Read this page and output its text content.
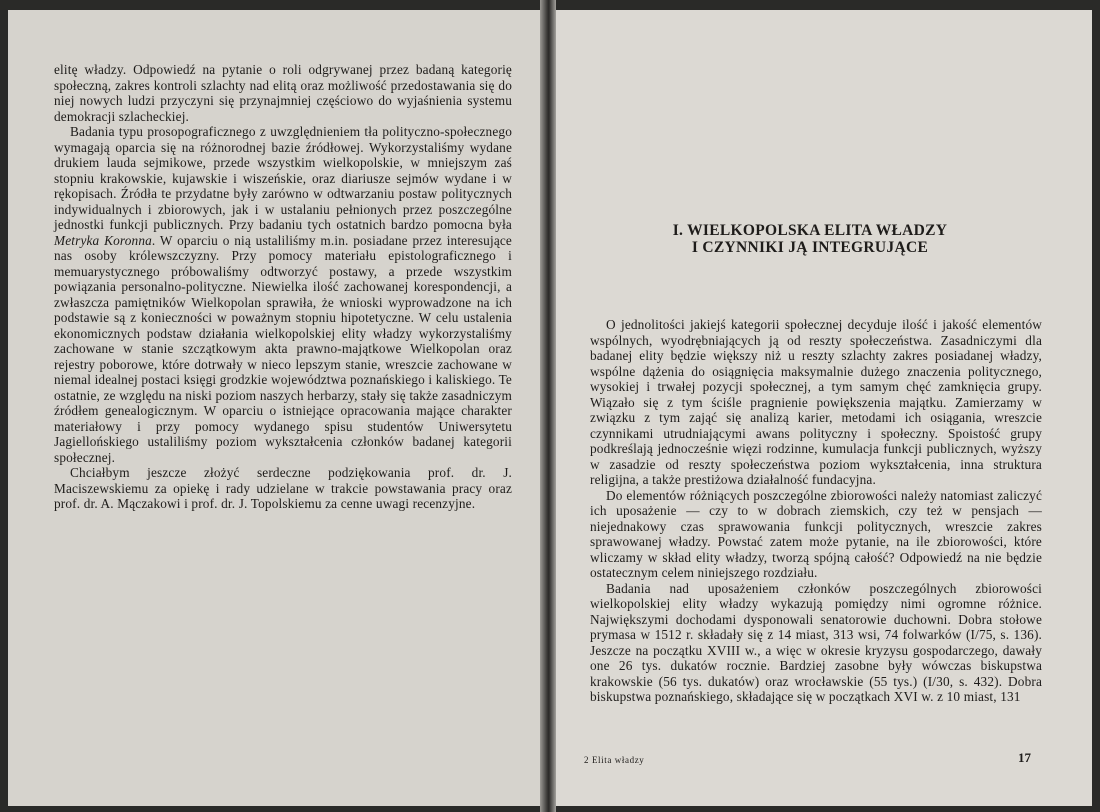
elitę władzy. Odpowiedź na pytanie o roli odgrywanej przez badaną kategorię społeczną, zakres kontroli szlachty nad elitą oraz możliwość przedostawania się do niej nowych ludzi przyczyni się przynajmniej częściowo do wyjaśnienia systemu demokracji szlacheckiej.

Badania typu prosopograficznego z uwzględnieniem tła polityczno-społecznego wymagają oparcia się na różnorodnej bazie źródłowej. Wykorzystaliśmy wydane drukiem lauda sejmikowe, przede wszystkim wielkopolskie, w mniejszym zaś stopniu krakowskie, kujawskie i wiszeńskie, oraz diariusze sejmów wydane i w rękopisach. Źródła te przydatne były zarówno w odtwarzaniu postaw politycznych indywidualnych i zbiorowych, jak i w ustalaniu pełnionych przez poszczególne jednostki funkcji publicznych. Przy badaniu tych ostatnich bardzo pomocna była Metryka Koronna. W oparciu o nią ustaliliśmy m.in. posiadane przez interesujące nas osoby królewszczyzny. Przy pomocy materiału epistolograficznego i memuarystycznego próbowaliśmy odtworzyć postawy, a przede wszystkim powiązania personalno-polityczne. Niewielka ilość zachowanej korespondencji, a zwłaszcza pamiętników Wielkopolan sprawiła, że wnioski wyprowadzone na ich podstawie są z konieczności w poważnym stopniu hipotetyczne. W celu ustalenia ekonomicznych podstaw działania wielkopolskiej elity władzy wykorzystaliśmy zachowane w stanie szczątkowym akta prawno-majątkowe Wielkopolan oraz rejestry poborowe, które dotrwały w nieco lepszym stanie, wreszcie zachowane w niemal idealnej postaci księgi grodzkie województwa poznańskiego i kaliskiego. Te ostatnie, ze względu na niski poziom naszych herbarzy, stały się także zasadniczym źródłem genealogicznym. W oparciu o istniejące opracowania mające charakter materiałowy i przy pomocy wydanego spisu studentów Uniwersytetu Jagiellońskiego ustaliliśmy poziom wykształcenia członków badanej kategorii społecznej.

Chciałbym jeszcze złożyć serdeczne podziękowania prof. dr. J. Maciszewskiemu za opiekę i rady udzielane w trakcie powstawania pracy oraz prof. dr. A. Mączakowi i prof. dr. J. Topolskiemu za cenne uwagi recenzyjne.

I. WIELKOPOLSKA ELITA WŁADZY
I CZYNNIKI JĄ INTEGRUJĄCE

O jednolitości jakiejś kategorii społecznej decyduje ilość i jakość elementów wspólnych, wyodrębniających ją od reszty społeczeństwa. Zasadniczymi dla badanej elity będzie większy niż u reszty szlachty zakres posiadanej władzy, wspólne dążenia do osiągnięcia maksymalnie dużego znaczenia politycznego, wysokiej i trwałej pozycji społecznej, a tym samym chęć zamknięcia grupy. Wiązało się z tym ściśle pragnienie powiększenia majątku. Zamierzamy w związku z tym zająć się analizą karier, metodami ich osiągania, wreszcie czynnikami utrudniającymi awans polityczny i społeczny. Spoistość grupy podkreślają jednocześnie więzi rodzinne, kumulacja funkcji publicznych, wyższy w zasadzie od reszty społeczeństwa poziom wykształcenia, inna struktura religijna, a także prestiżowa działalność fundacyjna.

Do elementów różniących poszczególne zbiorowości należy natomiast zaliczyć ich uposażenie — czy to w dobrach ziemskich, czy też w pensjach — niejednakowy czas sprawowania funkcji politycznych, wreszcie zakres sprawowanej władzy. Powstać zatem może pytanie, na ile zbiorowości, które wliczamy w skład elity władzy, tworzą spójną całość? Odpowiedź na nie będzie ostatecznym celem niniejszego rozdziału.

Badania nad uposażeniem członków poszczególnych zbiorowości wielkopolskiej elity władzy wykazują pomiędzy nimi ogromne różnice. Największymi dochodami dysponowali senatorowie duchowni. Dobra stołowe prymasa w 1512 r. składały się z 14 miast, 313 wsi, 74 folwarków (I/75, s. 136). Jeszcze na początku XVIII w., a więc w okresie kryzysu gospodarczego, dawały one 26 tys. dukatów rocznie. Bardziej zasobne były wówczas biskupstwa krakowskie (56 tys. dukatów) oraz wrocławskie (55 tys.) (I/30, s. 432). Dobra biskupstwa poznańskiego, składające się w początkach XVI w. z 10 miast, 131

2 Elita władzy	17
